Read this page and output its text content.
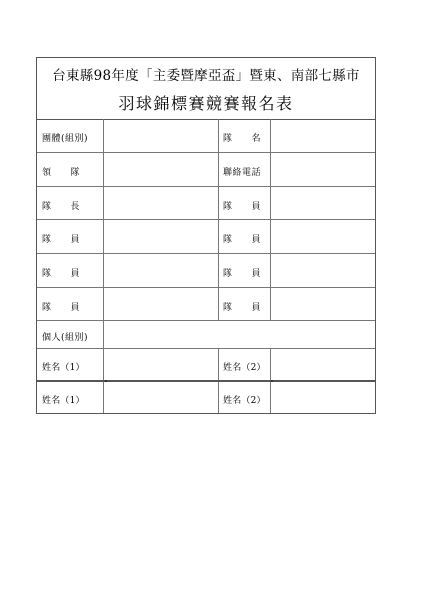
台東縣98年度「主委暨摩亞盃」暨東、南部七縣市
羽球錦標賽競賽報名表
團體(組別)	隊　　名
領　　隊	聯絡電話
隊　　長	隊　　員
隊　　員	隊　　員
隊　　員	隊　　員
隊　　員	隊　　員
個人(組別)
姓名（1）	姓名（2）
姓名（1）	姓名（2）
